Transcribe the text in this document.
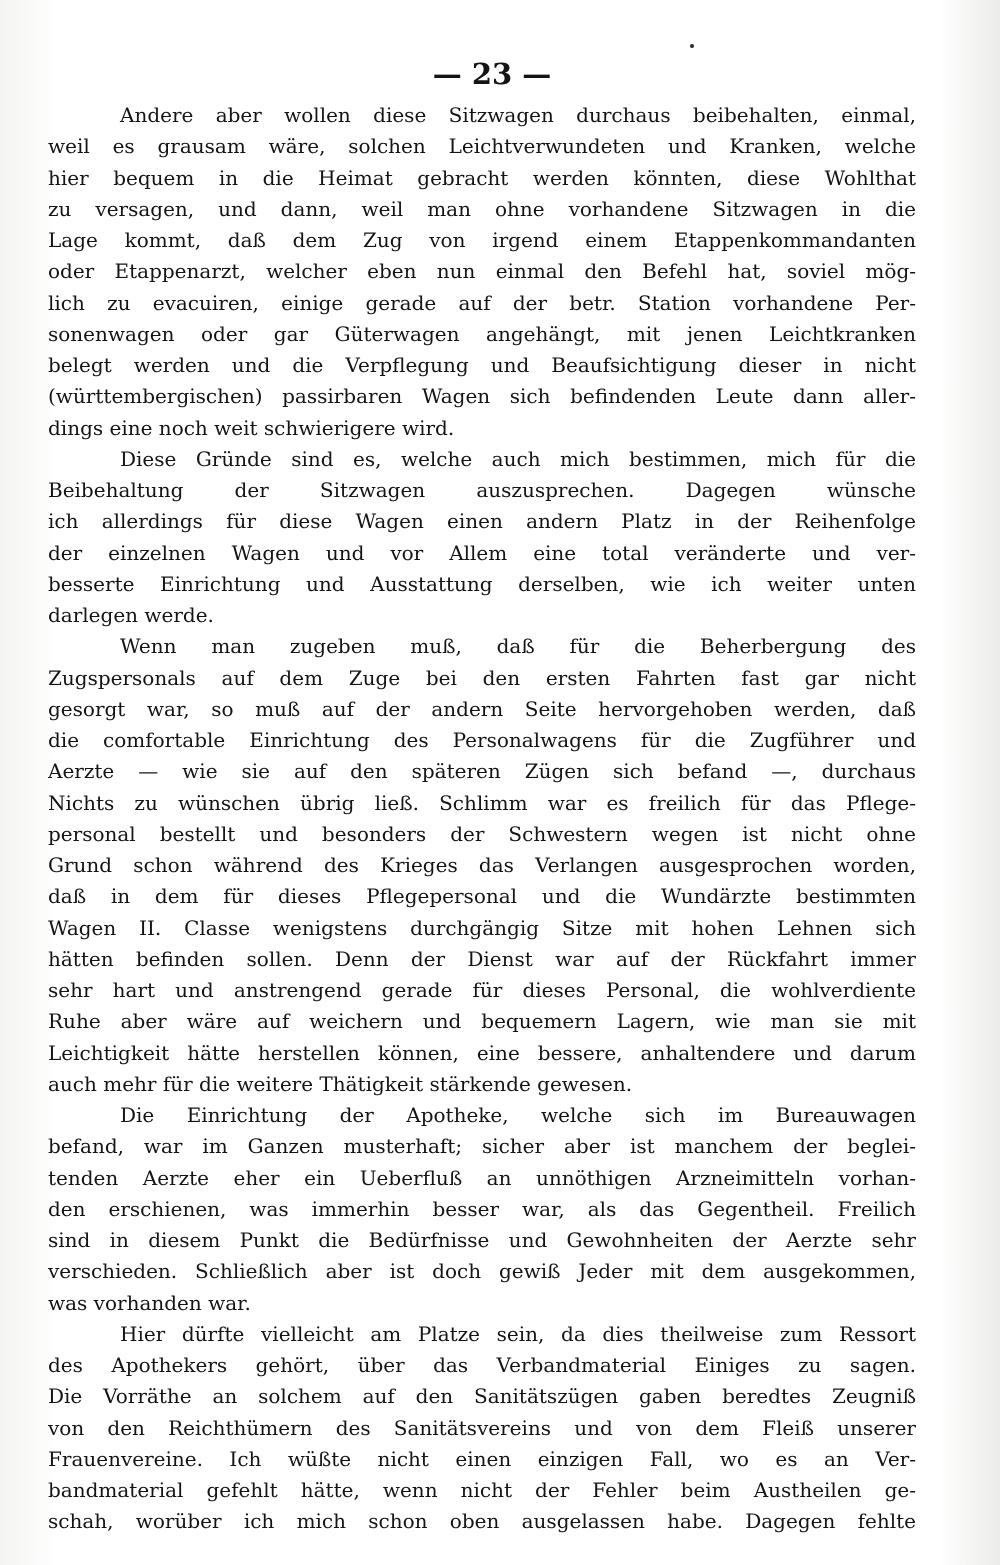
— 23 —
Andere aber wollen diese Sitzwagen durchaus beibehalten, einmal,
weil es grausam wäre, solchen Leichtverwundeten und Kranken, welche
hier bequem in die Heimat gebracht werden könnten, diese Wohlthat
zu versagen, und dann, weil man ohne vorhandene Sitzwagen in die
Lage kommt, daß dem Zug von irgend einem Etappenkommandanten
oder Etappenarzt, welcher eben nun einmal den Befehl hat, soviel mög-
lich zu evacuiren, einige gerade auf der betr. Station vorhandene Per-
sonenwagen oder gar Güterwagen angehängt, mit jenen Leichtkranken
belegt werden und die Verpflegung und Beaufsichtigung dieser in nicht
(württembergischen) passirbaren Wagen sich befindenden Leute dann aller-
dings eine noch weit schwierigere wird.
Diese Gründe sind es, welche auch mich bestimmen, mich für die
Beibehaltung der Sitzwagen auszusprechen. Dagegen wünsche
ich allerdings für diese Wagen einen andern Platz in der Reihenfolge
der einzelnen Wagen und vor Allem eine total veränderte und ver-
besserte Einrichtung und Ausstattung derselben, wie ich weiter unten
darlegen werde.
Wenn man zugeben muß, daß für die Beherbergung des
Zugspersonals auf dem Zuge bei den ersten Fahrten fast gar nicht
gesorgt war, so muß auf der andern Seite hervorgehoben werden, daß
die comfortable Einrichtung des Personalwagens für die Zugführer und
Aerzte — wie sie auf den späteren Zügen sich befand —, durchaus
Nichts zu wünschen übrig ließ. Schlimm war es freilich für das Pflege-
personal bestellt und besonders der Schwestern wegen ist nicht ohne
Grund schon während des Krieges das Verlangen ausgesprochen worden,
daß in dem für dieses Pflegepersonal und die Wundärzte bestimmten
Wagen II. Classe wenigstens durchgängig Sitze mit hohen Lehnen sich
hätten befinden sollen. Denn der Dienst war auf der Rückfahrt immer
sehr hart und anstrengend gerade für dieses Personal, die wohlverdiente
Ruhe aber wäre auf weichern und bequemern Lagern, wie man sie mit
Leichtigkeit hätte herstellen können, eine bessere, anhaltendere und darum
auch mehr für die weitere Thätigkeit stärkende gewesen.
Die Einrichtung der Apotheke, welche sich im Bureauwagen
befand, war im Ganzen musterhaft; sicher aber ist manchem der beglei-
tenden Aerzte eher ein Ueberfluß an unnöthigen Arzneimitteln vorhan-
den erschienen, was immerhin besser war, als das Gegentheil. Freilich
sind in diesem Punkt die Bedürfnisse und Gewohnheiten der Aerzte sehr
verschieden. Schließlich aber ist doch gewiß Jeder mit dem ausgekommen,
was vorhanden war.
Hier dürfte vielleicht am Platze sein, da dies theilweise zum Ressort
des Apothekers gehört, über das Verbandmaterial Einiges zu sagen.
Die Vorräthe an solchem auf den Sanitätszügen gaben beredtes Zeugniß
von den Reichthümern des Sanitätsvereins und von dem Fleiß unserer
Frauenvereine. Ich wüßte nicht einen einzigen Fall, wo es an Ver-
bandmaterial gefehlt hätte, wenn nicht der Fehler beim Austheilen ge-
schah, worüber ich mich schon oben ausgelassen habe. Dagegen fehlte
